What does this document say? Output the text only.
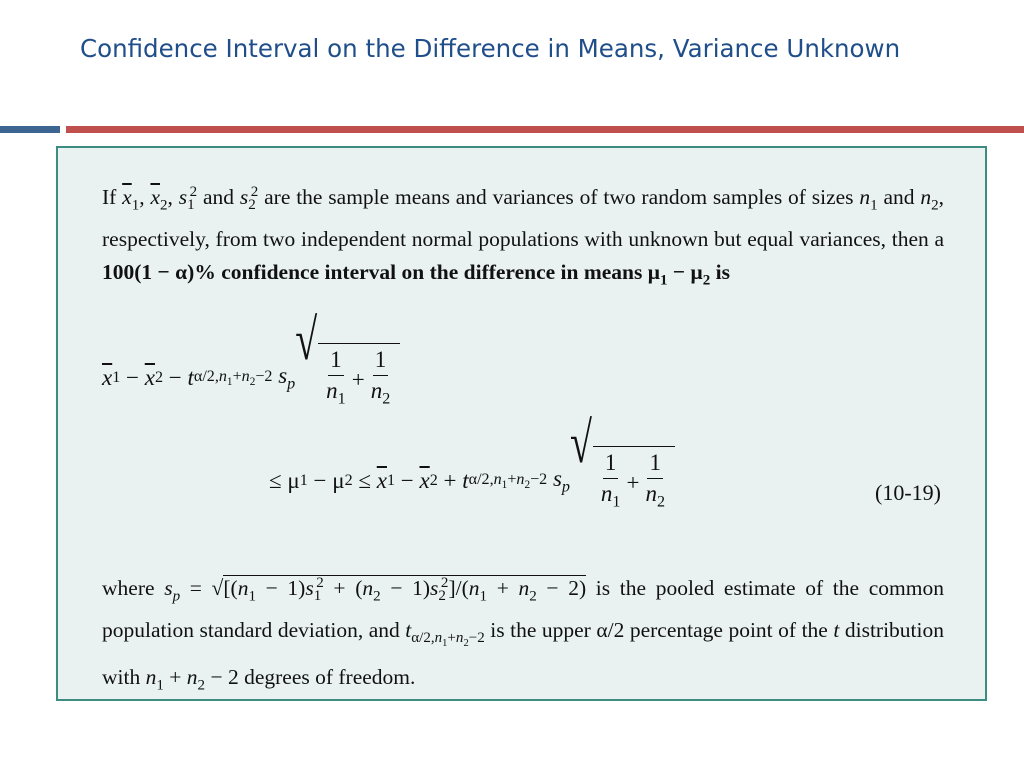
Confidence Interval on the Difference in Means, Variance Unknown
If $\overline{x}_1$, $\overline{x}_2$, $s_1^2$ and $s_2^2$ are the sample means and variances of two random samples of sizes $n_1$ and $n_2$, respectively, from two independent normal populations with unknown but equal variances, then a 100(1 − α)% confidence interval on the difference in means $\mu_1 - \mu_2$ is
$\overline{x}$ $1 - \overline{x}$ 2 − t $\alpha/2,n_1+n_2-2$
$s_p$
√
$\frac{1}{n_1} + \frac{1}{n_2}$
≤ μ 1 − μ $2 \le \overline{x}$ $1 - \overline{x}$ 2 + t $\alpha/2,n_1+n_2-2$
$s_p$
√
$\frac{1}{n_1} + \frac{1}{n_2}$	(10-19)
where $s_p = √[(n_1 - 1)s_1^2 + (n_2 - 1)s_2^2]/(n_1 + n_2 - 2)$ is the pooled estimate of the common population standard deviation, and $t_{\alpha/2,n_1+n_2-2}$ is the upper α/2 percentage point of the t distribution with $n_1 + n_2 - 2$ degrees of freedom.
